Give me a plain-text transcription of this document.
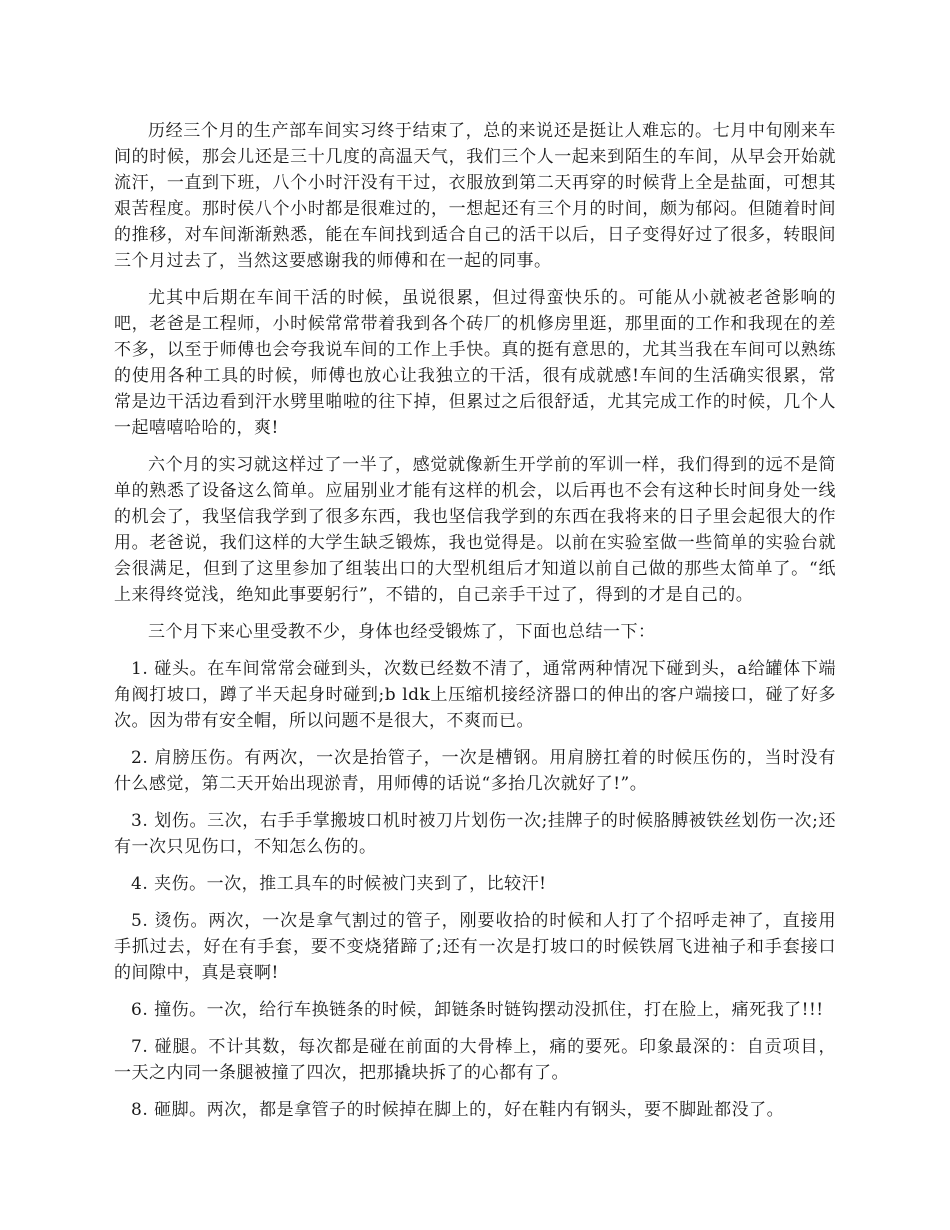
历经三个月的生产部车间实习终于结束了，总的来说还是挺让人难忘的。七月中旬刚来车间的时候，那会儿还是三十几度的高温天气，我们三个人一起来到陌生的车间，从早会开始就流汗，一直到下班，八个小时汗没有干过，衣服放到第二天再穿的时候背上全是盐面，可想其艰苦程度。那时侯八个小时都是很难过的，一想起还有三个月的时间，颇为郁闷。但随着时间的推移，对车间渐渐熟悉，能在车间找到适合自己的活干以后，日子变得好过了很多，转眼间三个月过去了，当然这要感谢我的师傅和在一起的同事。

尤其中后期在车间干活的时候，虽说很累，但过得蛮快乐的。可能从小就被老爸影响的吧，老爸是工程师，小时候常常带着我到各个砖厂的机修房里逛，那里面的工作和我现在的差不多，以至于师傅也会夸我说车间的工作上手快。真的挺有意思的，尤其当我在车间可以熟练的使用各种工具的时候，师傅也放心让我独立的干活，很有成就感!车间的生活确实很累，常常是边干活边看到汗水劈里啪啦的往下掉，但累过之后很舒适，尤其完成工作的时候，几个人一起嘻嘻哈哈的，爽!

六个月的实习就这样过了一半了，感觉就像新生开学前的军训一样，我们得到的远不是简单的熟悉了设备这么简单。应届别业才能有这样的机会，以后再也不会有这种长时间身处一线的机会了，我坚信我学到了很多东西，我也坚信我学到的东西在我将来的日子里会起很大的作用。老爸说，我们这样的大学生缺乏锻炼，我也觉得是。以前在实验室做一些简单的实验台就会很满足，但到了这里参加了组装出口的大型机组后才知道以前自己做的那些太简单了。“纸上来得终觉浅，绝知此事要躬行”，不错的，自己亲手干过了，得到的才是自己的。

三个月下来心里受教不少，身体也经受锻炼了，下面也总结一下：

1. 碰头。在车间常常会碰到头，次数已经数不清了，通常两种情况下碰到头，a给罐体下端角阀打坡口，蹲了半天起身时碰到;b ldk上压缩机接经济器口的伸出的客户端接口，碰了好多次。因为带有安全帽，所以问题不是很大，不爽而已。

2. 肩膀压伤。有两次，一次是抬管子，一次是槽钢。用肩膀扛着的时候压伤的，当时没有什么感觉，第二天开始出现淤青，用师傅的话说“多抬几次就好了!”。

3. 划伤。三次，右手手掌搬坡口机时被刀片划伤一次;挂牌子的时候胳膊被铁丝划伤一次;还有一次只见伤口，不知怎么伤的。

4. 夹伤。一次，推工具车的时候被门夹到了，比较汗!

5. 烫伤。两次，一次是拿气割过的管子，刚要收拾的时候和人打了个招呼走神了，直接用手抓过去，好在有手套，要不变烧猪蹄了;还有一次是打坡口的时候铁屑飞进袖子和手套接口的间隙中，真是衰啊!

6. 撞伤。一次，给行车换链条的时候，卸链条时链钩摆动没抓住，打在脸上，痛死我了!!!

7. 碰腿。不计其数，每次都是碰在前面的大骨棒上，痛的要死。印象最深的：自贡项目，一天之内同一条腿被撞了四次，把那撬块拆了的心都有了。

8. 砸脚。两次，都是拿管子的时候掉在脚上的，好在鞋内有钢头，要不脚趾都没了。
